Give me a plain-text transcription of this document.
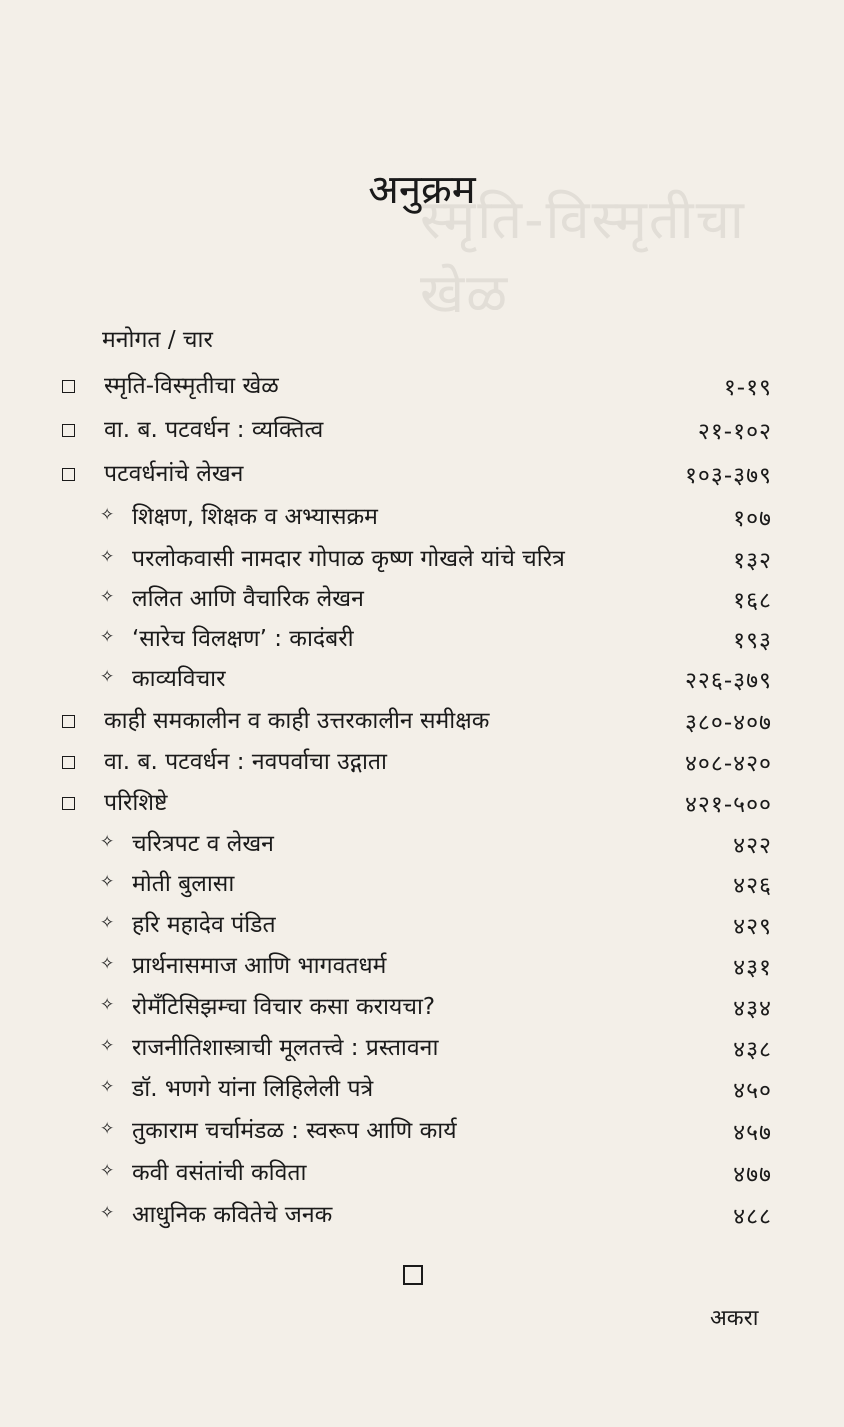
स्मृति-विस्मृतीचा खेळ
अनुक्रम
मनोगत / चार
स्मृति-विस्मृतीचा खेळ	१-१९
वा. ब. पटवर्धन : व्यक्तित्व	२१-१०२
पटवर्धनांचे लेखन	१०३-३७९
✧ शिक्षण, शिक्षक व अभ्यासक्रम	१०७
✧ परलोकवासी नामदार गोपाळ कृष्ण गोखले यांचे चरित्र	१३२
✧ ललित आणि वैचारिक लेखन	१६८
✧ ‘सारेच विलक्षण’ : कादंबरी	१९३
✧ काव्यविचार	२२६-३७९
काही समकालीन व काही उत्तरकालीन समीक्षक	३८०-४०७
वा. ब. पटवर्धन : नवपर्वाचा उद्गाता	४०८-४२०
परिशिष्टे	४२१-५००
✧ चरित्रपट व लेखन	४२२
✧ मोती बुलासा	४२६
✧ हरि महादेव पंडित	४२९
✧ प्रार्थनासमाज आणि भागवतधर्म	४३१
✧ रोमँटिसिझम्चा विचार कसा करायचा?	४३४
✧ राजनीतिशास्त्राची मूलतत्त्वे : प्रस्तावना	४३८
✧ डॉ. भणगे यांना लिहिलेली पत्रे	४५०
✧ तुकाराम चर्चामंडळ : स्वरूप आणि कार्य	४५७
✧ कवी वसंतांची कविता	४७७
✧ आधुनिक कवितेचे जनक	४८८
अकरा
